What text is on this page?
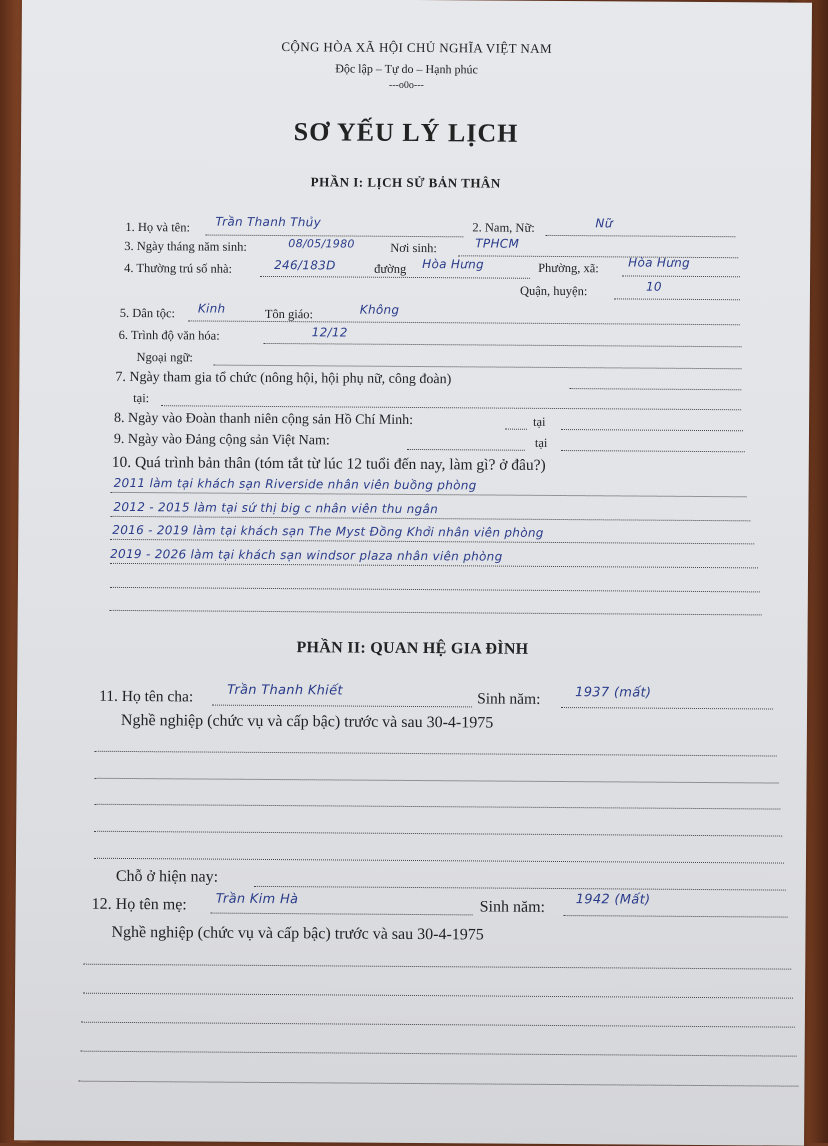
CỘNG HÒA XÃ HỘI CHỦ NGHĨA VIỆT NAM
Độc lập – Tự do – Hạnh phúc
---o0o---
SƠ YẾU LÝ LỊCH
PHẦN I: LỊCH SỬ BẢN THÂN
1. Họ và tên: Trần Thanh Thủy	2. Nam, Nữ:	Nữ
3. Ngày tháng năm sinh:	08/05/1980	Nơi sinh:	TPHCM
4. Thường trú số nhà:	246/183D	đường Hòa Hưng	Phường, xã: Hòa Hưng
Quận, huyện:	10
5. Dân tộc: Kinh	Tôn giáo:	Không
6. Trình độ văn hóa:	12/12
Ngoại ngữ:
7. Ngày tham gia tổ chức (nông hội, hội phụ nữ, công đoàn)
tại:
8. Ngày vào Đoàn thanh niên cộng sản Hồ Chí Minh:	tại
9. Ngày vào Đảng cộng sản Việt Nam:	tại
10. Quá trình bản thân (tóm tắt từ lúc 12 tuổi đến nay, làm gì? ở đâu?)
2011 làm tại khách sạn Riverside nhân viên buồng phòng
2012 - 2015 làm tại sứ thị big c nhân viên thu ngân
2016 - 2019 làm tại khách sạn The Myst Đồng Khởi nhân viên phòng
2019 - 2026 làm tại khách sạn windsor plaza nhân viên phòng
PHẦN II: QUAN HỆ GIA ĐÌNH
11. Họ tên cha:	Trần Thanh Khiết	Sinh năm:	1937 (mất)
Nghề nghiệp (chức vụ và cấp bậc) trước và sau 30-4-1975
Chỗ ở hiện nay:
12. Họ tên mẹ: Trần Kim Hà	Sinh năm: 1942 (Mất)
Nghề nghiệp (chức vụ và cấp bậc) trước và sau 30-4-1975
